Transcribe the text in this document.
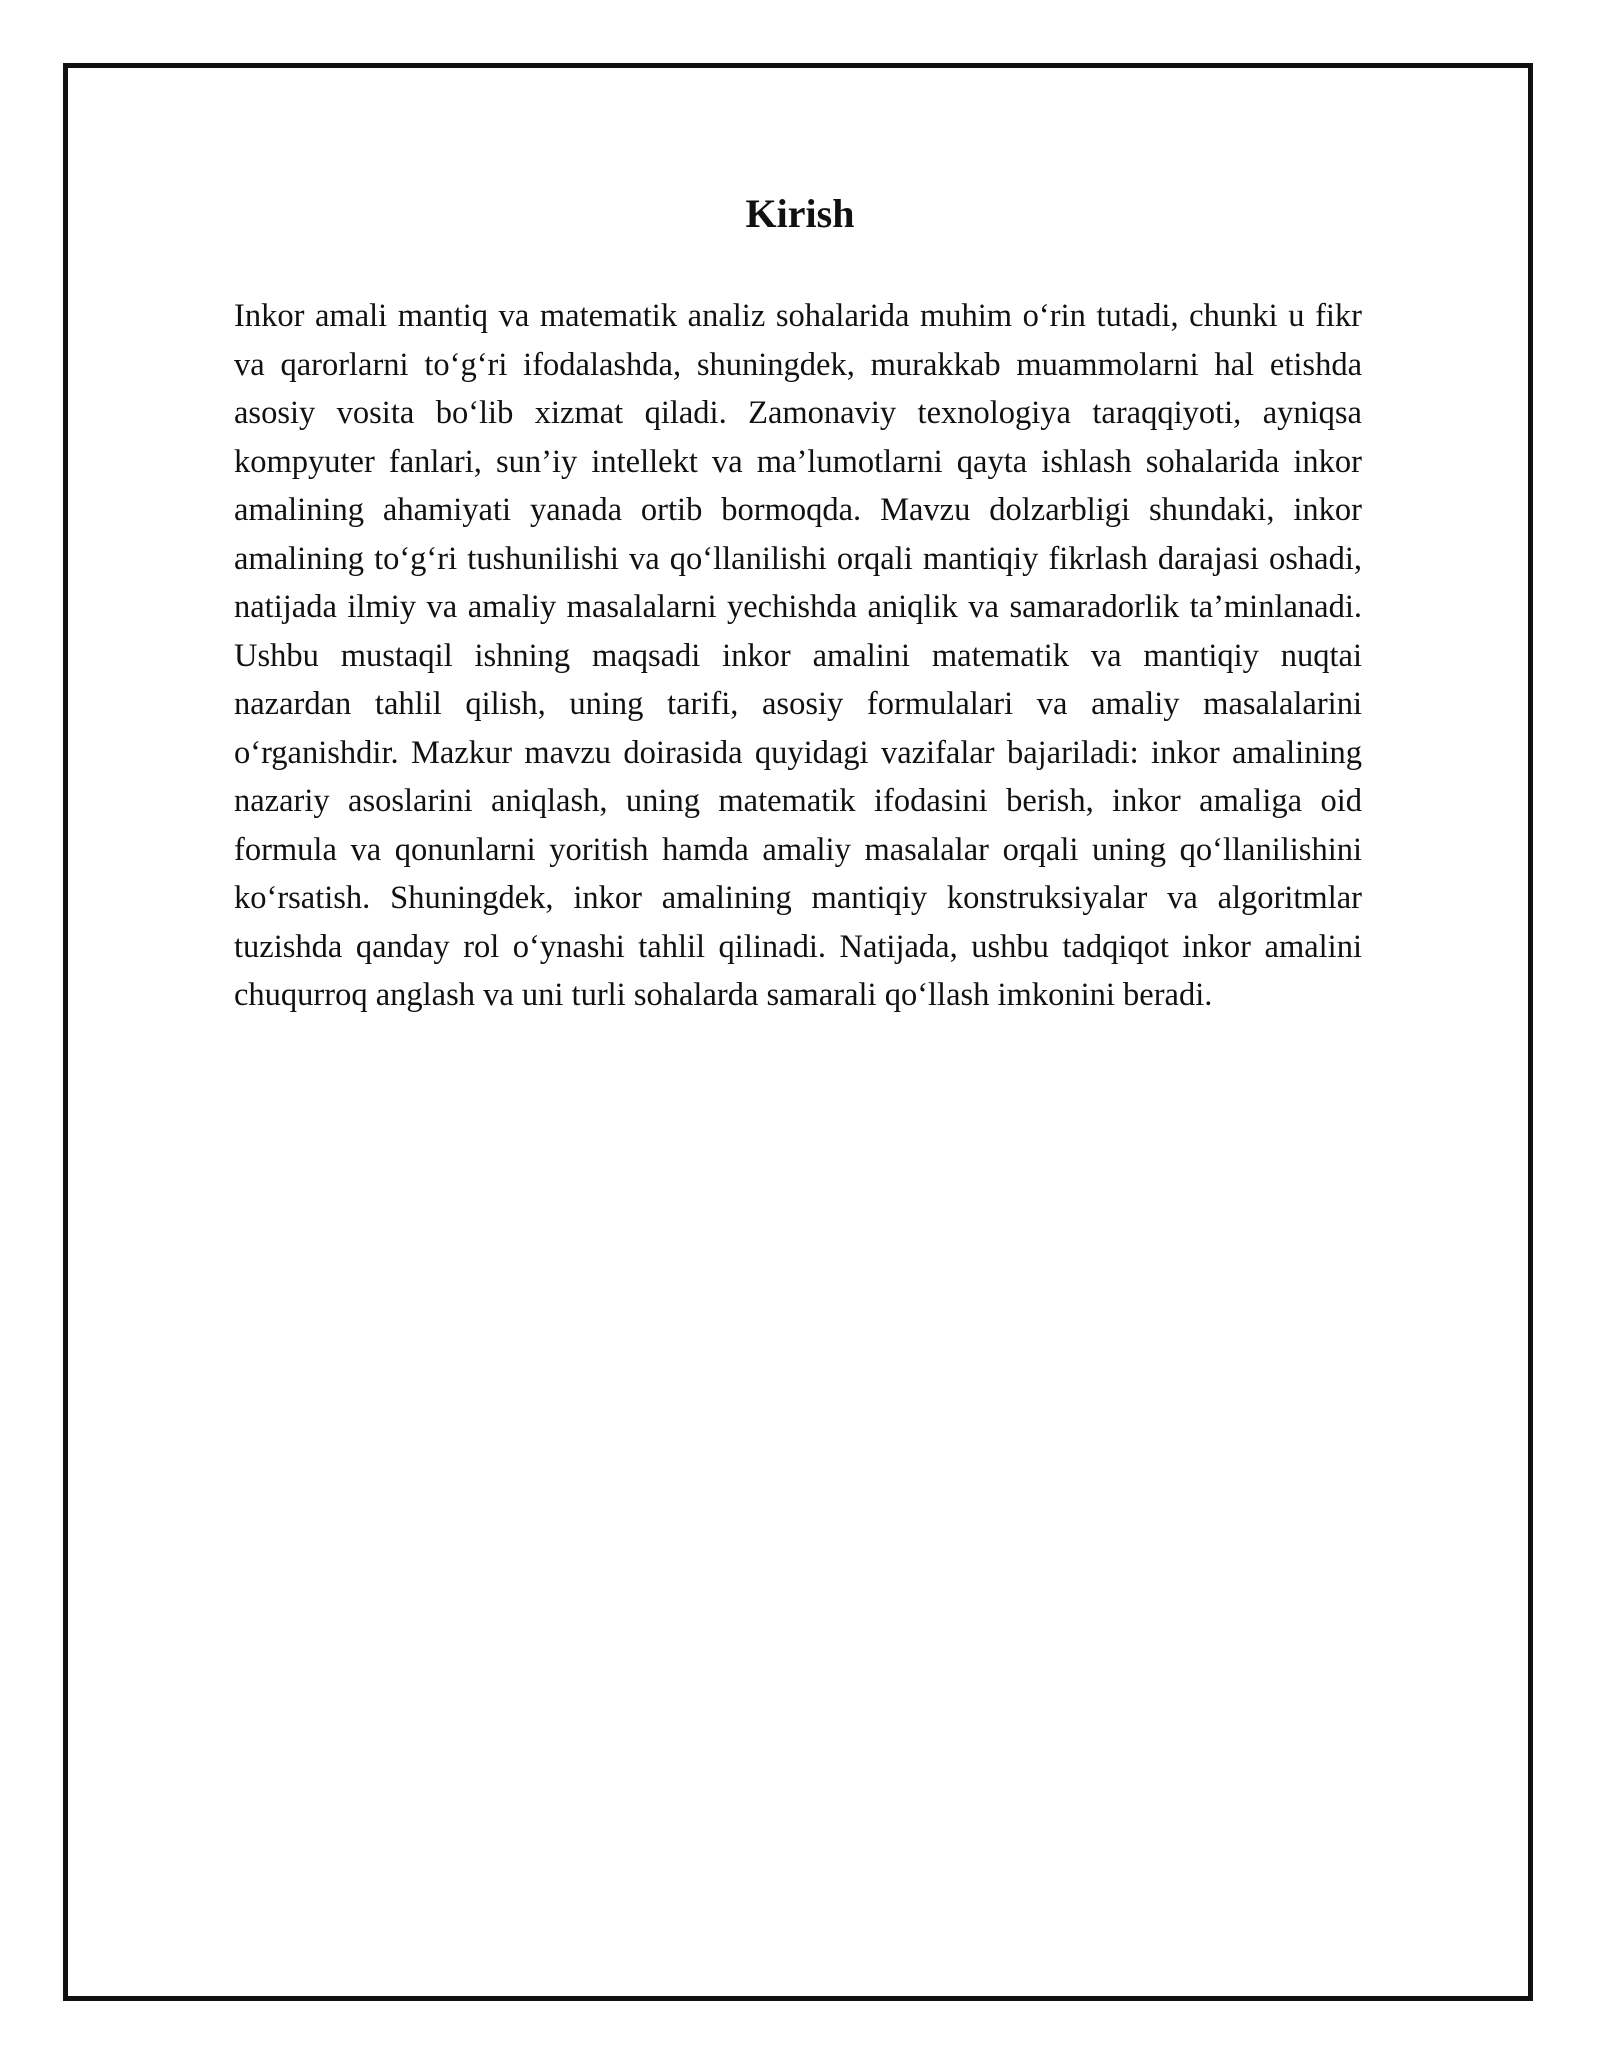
Kirish

Inkor amali mantiq va matematik analiz sohalarida muhim o‘rin tutadi, chunki u fikr va qarorlarni to‘g‘ri ifodalashda, shuningdek, murakkab muammolarni hal etishda asosiy vosita bo‘lib xizmat qiladi. Zamonaviy texnologiya taraqqiyoti, ayniqsa kompyuter fanlari, sun’iy intellekt va ma’lumotlarni qayta ishlash sohalarida inkor amalining ahamiyati yanada ortib bormoqda. Mavzu dolzarbligi shundaki, inkor amalining to‘g‘ri tushunilishi va qo‘llanilishi orqali mantiqiy fikrlash darajasi oshadi, natijada ilmiy va amaliy masalalarni yechishda aniqlik va samaradorlik ta’minlanadi. Ushbu mustaqil ishning maqsadi inkor amalini matematik va mantiqiy nuqtai nazardan tahlil qilish, uning tarifi, asosiy formulalari va amaliy masalalarini o‘rganishdir. Mazkur mavzu doirasida quyidagi vazifalar bajariladi: inkor amalining nazariy asoslarini aniqlash, uning matematik ifodasini berish, inkor amaliga oid formula va qonunlarni yoritish hamda amaliy masalalar orqali uning qo‘llanilishini ko‘rsatish. Shuningdek, inkor amalining mantiqiy konstruksiyalar va algoritmlar tuzishda qanday rol o‘ynashi tahlil qilinadi. Natijada, ushbu tadqiqot inkor amalini chuqurroq anglash va uni turli sohalarda samarali qo‘llash imkonini beradi.
